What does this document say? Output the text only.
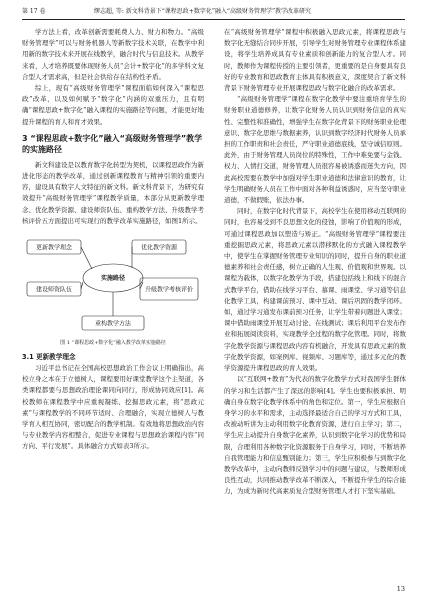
第 17 卷	缪志超, 等: 新文科背景下“课程思政+数字化”融入“高级财务管理学”教学改革研究

学方法上看，改革创新需要耗费人力、财力和物力。“高级财务管理学”可以与财务机器人等新数字技术关联，在教学中利用新的数字技术来开展在线教学，融合时代与信息技术。从教学来看，人才培养既要体现财务人员“会计+数字化”的多学科文复合型人才需求高，但是社会供给存在结构性矛盾。

综上，现有“高级财务管理学”课程面临如何深入“课程思政”改革，以及如何赋予“数字化”内涵的双重压力，且有明确“课程思政+数字化”融入课程的实施路径等问题，才能更好地提升课程的育人和育才效果。

3 “课程思政+数字化”融入“高级财务管理学”教学的实施路径

新文科建设是以教育数字化转型为契机，以课程思政作为新进化形态的教学改革，通过创新课程教育与精神引领的重要内容，建设具有数字人文特征的新文科。新文科背景下，为研究有效提升“高级财务管理学”课程教学质量，本部分从更新教学理念、优化教学资源、建设师资队伍、重构教学方法、升级教学考核评价五方面提出可实现行的教学改革实施路径，如图1所示。

更新教学理念	优化教学资源
建设师资队伍	升级教学考核评价
重构教学方法
实施路径
图 1 “课程思政+数字化”融入教学改革实施路径
3.1 更新教学理念

习近平总书记在全国高校思想政治工作会议上明确指出，高校立身之本在于立德树人，课程要用好课堂教学这个主渠道，各类课程都要与思想政治理论课同向同行，形成协同效应[1]。高校教师在课程教学中应重视凝练、挖掘思政元素，将“思政元素”与课程教学的不同环节适时、合理融合，实现立德树人与教学育人相互协同，密切配合的教学机制。有效地将思想政治内容与专业教学内容相整合，促进专业课程与思想政治课程内容“同方向、平行发展”。具体融合方式如表3所示。

在“高级财务管理学”课程中积极融入思政元素，将课程思政与数字化无缝结合同步开展，引导学生对财务管理专业课程体系建设，将学生培养成具有专业素质和创新能力的复合型人才。同时，教师作为课程传授的主要引领者，更重要的是自身要具有良好的专业教育和思政教育主体具有积极意义，深度契合了新文科背景下财务管理专业开展课程思政与数字化融合的改革需求。

“高级财务管理学”课程在数字化教学中要注重培育学生的财务职业道德修养，让数字化财务人员认识到财务信息的真实性、完整性和准确性，增强学生在数字化背景下的财务职业伦理意识、数字化思维与数据素养，认识到数字经济时代财务人员承担的工作职责和社会责任，严守职业道德底线，坚守诚信原则。此外，由于财务管理人员岗位的特殊性，工作中难免要与金钱、权力、人情打交道，财务管理人员很容易被诱惑而迷失方向，因此高校需要在教学中加强对学生职业道德和法律意识的教育，让学生明确财务人员在工作中面对各种利益诱惑时，应当坚守职业道德，不做假账，依法办事。

同时，在数字化时代背景下，高校学生在使用移动互联网的同时，也容易受到不良思想文化的侵蚀，影响了价值观的形成，可通过课程思政加以塑造与矫正。“高级财务管理学”课程要注重挖掘思政元素，将思政元素以潜移默化的方式融入课程教学中，使学生在掌握财务管理专业知识的同时，提升自身的职业道德素养和社会责任感，树立正确的人生观、价值观和世界观。以课程为载体，以数字化教学为手段，搭建包括线上和线下的混合式教学平台，借助在线学习平台、慕课、雨课堂、学习通等信息化教学工具，构建课前预习、课中互动、课后巩固的教学闭环。如，通过学习通发布课前预习任务，让学生带着问题进入课堂；课中借助雨课堂开展互动讨论、在线测试；课后利用平台发布作业和拓展阅读资料，实现教学全过程的数字化管理。同时，将数字化教学资源与课程思政内容有机融合，开发具有思政元素的数字化教学资源，如案例库、视频库、习题库等，通过多元化的教学资源提升课程思政的育人效果。

以“互联网+教育”为代表的数字化教学方式对我国学生群体的学习和生活都产生了深远的影响[4]。学生也要积极承担、明确自身在数字化教学体系中的角色和定位。第一，学生应根据自身学习的水平和需求，主动选择最适合自己的学习方式和工具，改被动听讲为主动利用数字化教育资源，进行自主学习；第二，学生应主动提升自身数字化素养，认识到数字化学习的优势和局限，合理利用各种数字化资源服务于自身学习，同时，不断培养自我管理能力和信息甄别能力；第三，学生应积极参与到数字化教学改革中，主动向教师反馈学习中的问题与建议，与教师形成良性互动，共同推动教学改革不断深入，不断提升学生的综合能力，为成为新时代高素质复合型财务管理人才打下坚实基础。

13
